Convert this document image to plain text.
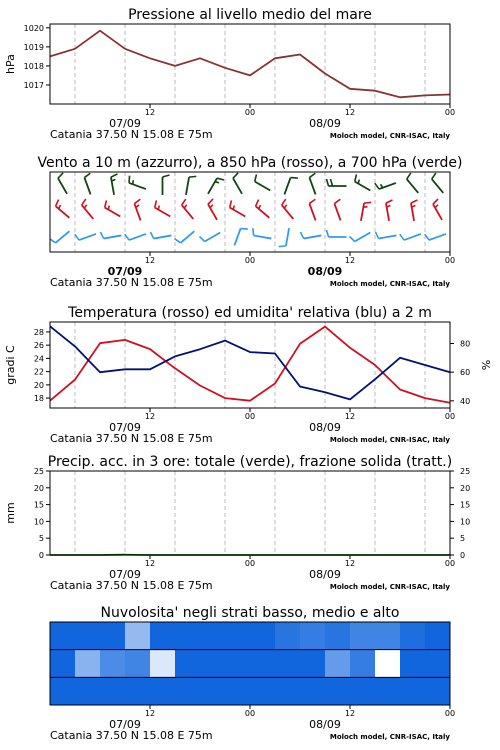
Pressione al livello medio del mare
12	00	12	00
07/09	08/09
Catania 37.50 N 15.08 E 75m	Moloch model, CNR-ISAC, Italy
1017
1018
1019
1020
hPa
Vento a 10 m (azzurro), a 850 hPa (rosso), a 700 hPa (verde)
12	00	12	00
07/09	08/09
Catania 37.50 N 15.08 E 75m	Moloch model, CNR-ISAC, Italy
Temperatura (rosso) ed umidita' relativa (blu) a 2 m
12	00	12	00
07/09	08/09
Catania 37.50 N 15.08 E 75m	Moloch model, CNR-ISAC, Italy
18
20
22
24
26
28
40
60
80
gradi C	%
Precip. acc. in 3 ore: totale (verde), frazione solida (tratt.)
12	00	12	00
07/09	08/09
Catania 37.50 N 15.08 E 75m	Moloch model, CNR-ISAC, Italy
0
5
10
15
20
25
0
5
10
15
20
25
mm
Nuvolosita' negli strati basso, medio e alto
12	00	12	00
07/09	08/09
Catania 37.50 N 15.08 E 75m	Moloch model, CNR-ISAC, Italy
